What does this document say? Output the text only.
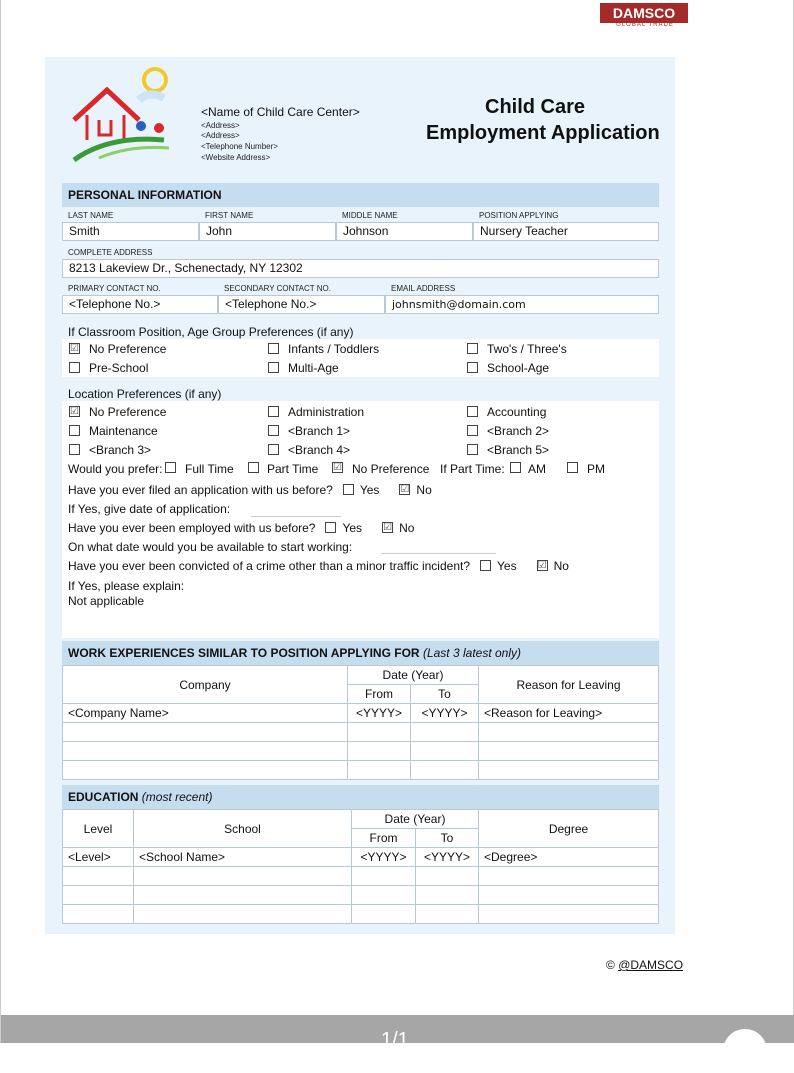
DAMSCO
GLOBAL TRADE
<Name of Child Care Center>
<Address>
<Address>
<Telephone Number>
<Website Address>
Child Care
Employment Application
PERSONAL INFORMATION
LAST NAME	FIRST NAME	MIDDLE NAME	POSITION APPLYING
Smith	John	Johnson	Nursery Teacher
COMPLETE ADDRESS
8213 Lakeview Dr., Schenectady, NY 12302
PRIMARY CONTACT NO.	SECONDARY CONTACT NO.	EMAIL ADDRESS
<Telephone No.>	<Telephone No.>	johnsmith@domain.com
If Classroom Position, Age Group Preferences (if any)
☑ No Preference	Infants / Toddlers	Two's / Three's
Pre-School	Multi-Age	School-Age
Location Preferences (if any)
☑ No Preference	Administration	Accounting
Maintenance	<Branch 1>	<Branch 2>
<Branch 3>	<Branch 4>	<Branch 5>
Would you prefer: Full Time	Part Time ☑ No Preference If Part Time: AM	PM
Have you ever filed an application with us before? Yes ☑ No
If Yes, give date of application:
Have you ever been employed with us before? Yes ☑ No
On what date would you be available to start working:
Have you ever been convicted of a crime other than a minor traffic incident? Yes ☑ No
If Yes, please explain:
Not applicable
WORK EXPERIENCES SIMILAR TO POSITION APPLYING FOR (Last 3 latest only)
Company	Date (Year)		Reason for Leaving
	From	To	
<Company Name>	<YYYY>	<YYYY>	<Reason for Leaving>

EDUCATION (most recent)
Level	School	Date (Year)		Degree
		From	To	
<Level>	<School Name>	<YYYY>	<YYYY>	<Degree>

© @DAMSCO
1/1
